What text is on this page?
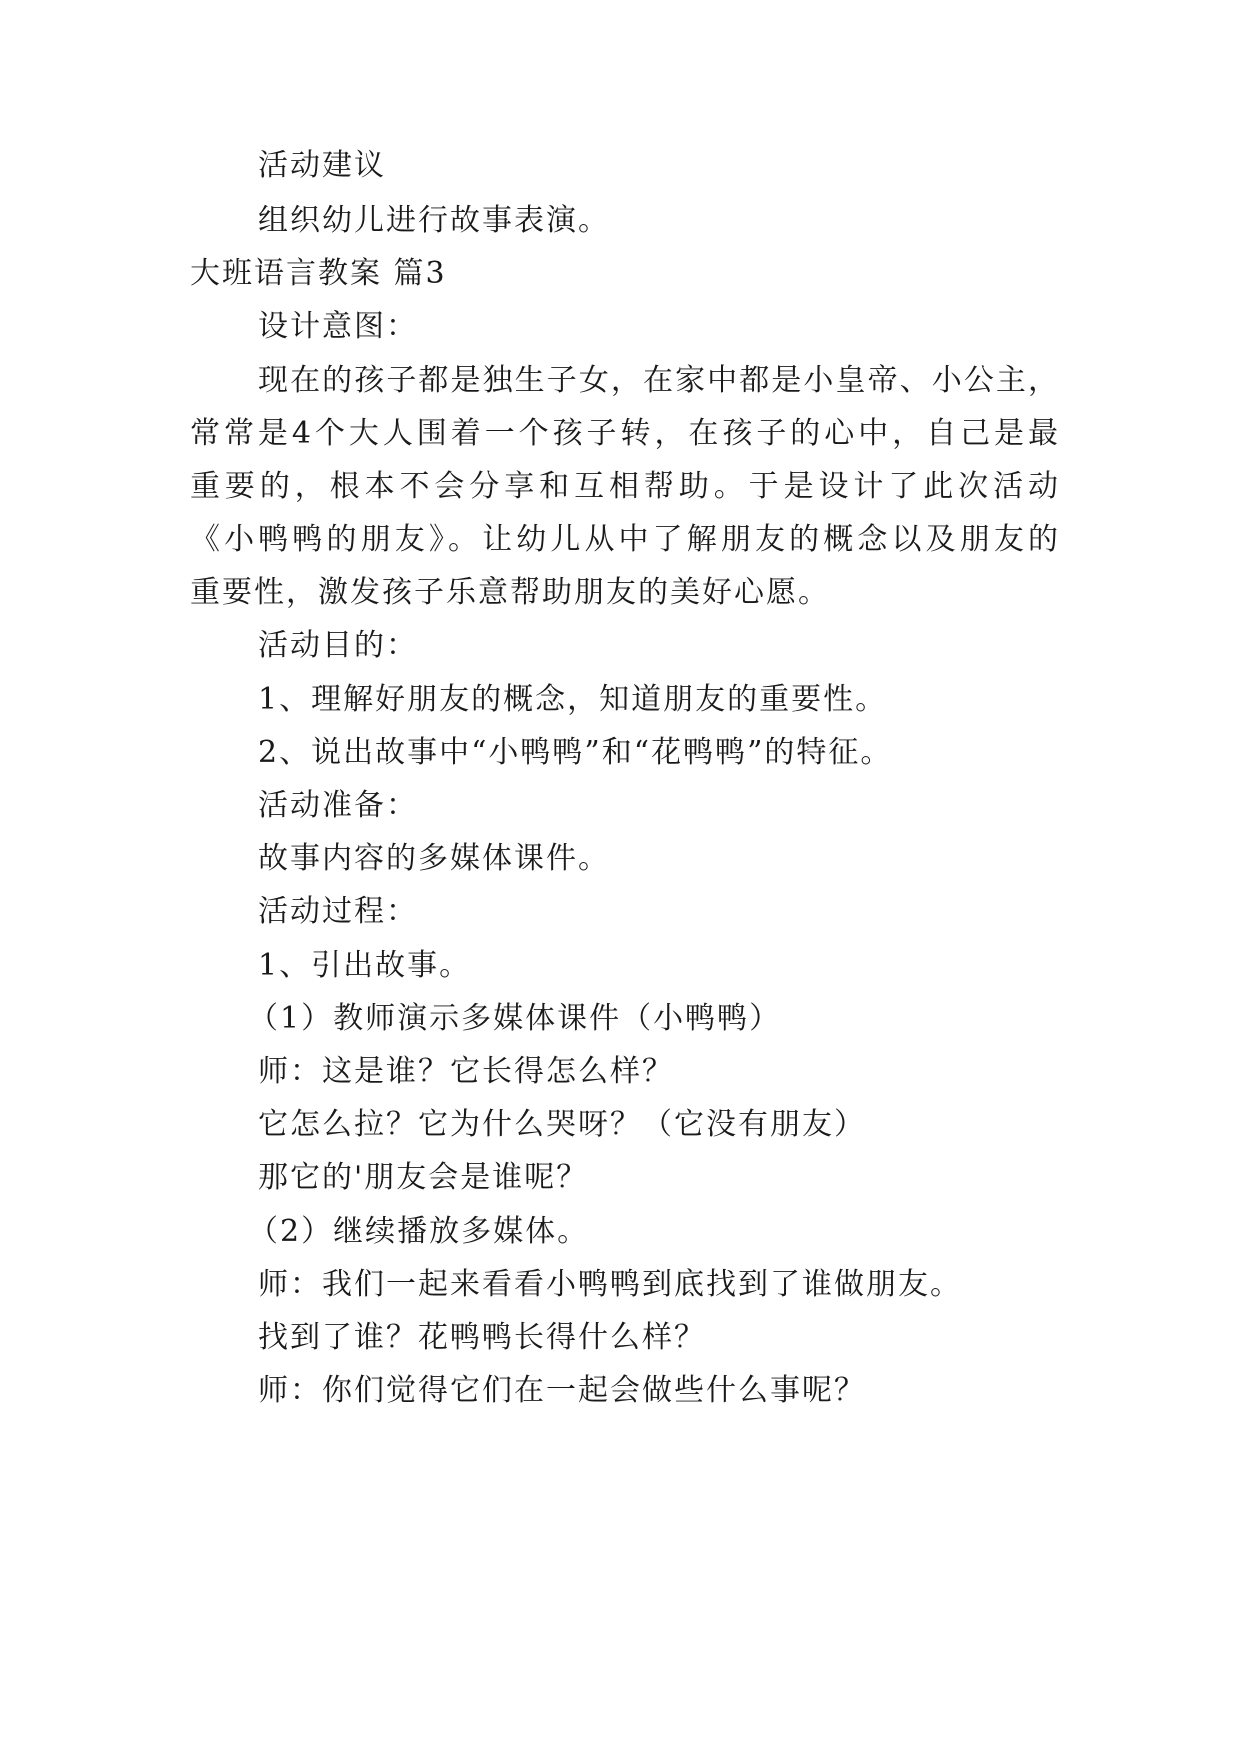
活动建议
组织幼儿进行故事表演。
大班语言教案 篇3
设计意图：
现在的孩子都是独生子女，在家中都是小皇帝、小公主，
常常是4个大人围着一个孩子转，在孩子的心中，自己是最
重要的，根本不会分享和互相帮助。于是设计了此次活动
《小鸭鸭的朋友》。让幼儿从中了解朋友的概念以及朋友的
重要性，激发孩子乐意帮助朋友的美好心愿。
活动目的：
1、理解好朋友的概念，知道朋友的重要性。
2、说出故事中“小鸭鸭”和“花鸭鸭”的特征。
活动准备：
故事内容的多媒体课件。
活动过程：
1、引出故事。
（1）教师演示多媒体课件（小鸭鸭）
师：这是谁？它长得怎么样？
它怎么拉？它为什么哭呀？（它没有朋友）
那它的'朋友会是谁呢？
（2）继续播放多媒体。
师：我们一起来看看小鸭鸭到底找到了谁做朋友。
找到了谁？花鸭鸭长得什么样？
师：你们觉得它们在一起会做些什么事呢？
